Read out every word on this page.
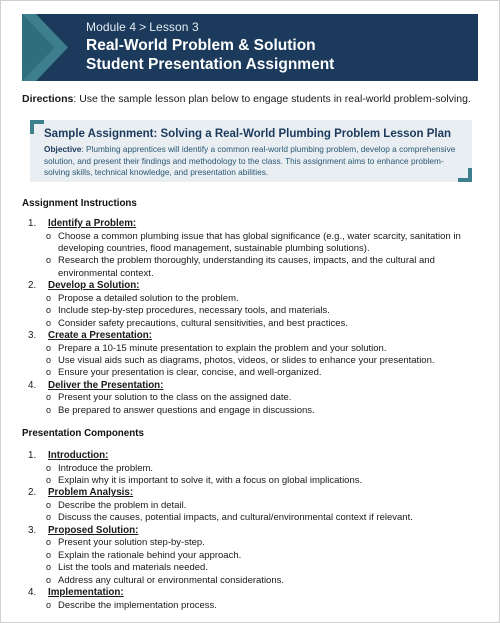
Module 4 > Lesson 3
Real-World Problem & Solution
Student Presentation Assignment
Directions: Use the sample lesson plan below to engage students in real-world problem-solving.
Sample Assignment: Solving a Real-World Plumbing Problem Lesson Plan
Objective: Plumbing apprentices will identify a common real-world plumbing problem, develop a comprehensive solution, and present their findings and methodology to the class. This assignment aims to enhance problem-solving skills, technical knowledge, and presentation abilities.
Assignment Instructions
1. Identify a Problem:
o Choose a common plumbing issue that has global significance (e.g., water scarcity, sanitation in developing countries, flood management, sustainable plumbing solutions).
o Research the problem thoroughly, understanding its causes, impacts, and the cultural and environmental context.
2. Develop a Solution:
o Propose a detailed solution to the problem.
o Include step-by-step procedures, necessary tools, and materials.
o Consider safety precautions, cultural sensitivities, and best practices.
3. Create a Presentation:
o Prepare a 10-15 minute presentation to explain the problem and your solution.
o Use visual aids such as diagrams, photos, videos, or slides to enhance your presentation.
o Ensure your presentation is clear, concise, and well-organized.
4. Deliver the Presentation:
o Present your solution to the class on the assigned date.
o Be prepared to answer questions and engage in discussions.
Presentation Components
1. Introduction:
o Introduce the problem.
o Explain why it is important to solve it, with a focus on global implications.
2. Problem Analysis:
o Describe the problem in detail.
o Discuss the causes, potential impacts, and cultural/environmental context if relevant.
3. Proposed Solution:
o Present your solution step-by-step.
o Explain the rationale behind your approach.
o List the tools and materials needed.
o Address any cultural or environmental considerations.
4. Implementation:
o Describe the implementation process.
